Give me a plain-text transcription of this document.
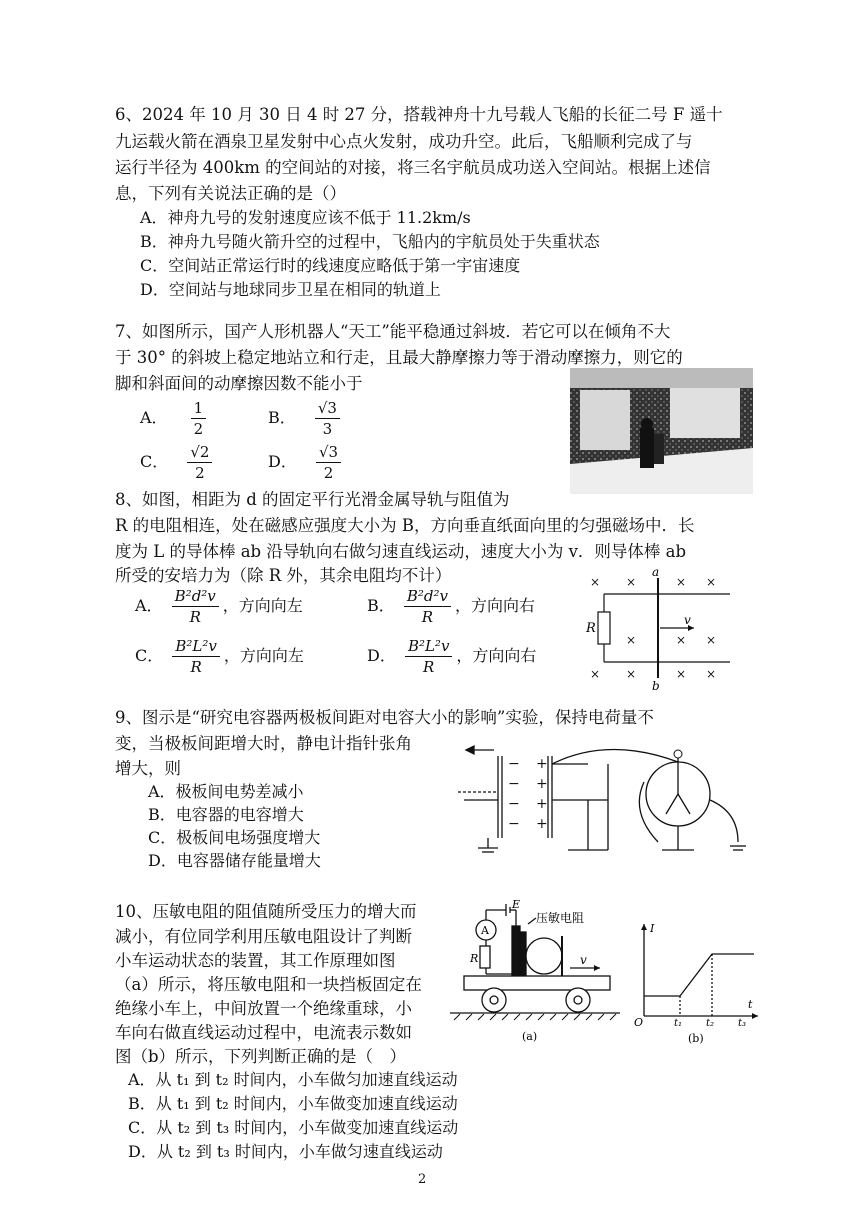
6、2024 年 10 月 30 日 4 时 27 分，搭载神舟十九号载人飞船的长征二号 F 遥十
九运载火箭在酒泉卫星发射中心点火发射，成功升空。此后，飞船顺利完成了与
运行半径为 400km 的空间站的对接，将三名宇航员成功送入空间站。根据上述信
息，下列有关说法正确的是（）
A．神舟九号的发射速度应该不低于 11.2km/s
B．神舟九号随火箭升空的过程中，飞船内的宇航员处于失重状态
C．空间站正常运行时的线速度应略低于第一宇宙速度
D．空间站与地球同步卫星在相同的轨道上
7、如图所示，国产人形机器人“天工”能平稳通过斜坡．若它可以在倾角不大
于 30° 的斜坡上稳定地站立和行走，且最大静摩擦力等于滑动摩擦力，则它的
脚和斜面间的动摩擦因数不能小于
A． $\frac{1}{2}$	B． $\frac{√3}{3}$
C． $\frac{√2}{2}$	D． $\frac{√3}{2}$
8、如图，相距为 d 的固定平行光滑金属导轨与阻值为
R 的电阻相连，处在磁感应强度大小为 B，方向垂直纸面向里的匀强磁场中．长
度为 L 的导体棒 ab 沿导轨向右做匀速直线运动，速度大小为 v．则导体棒 ab
所受的安培力为（除 R 外，其余电阻均不计）
A． $\frac{\text{B²d²v}}{R}$ ，方向向左	B． $\frac{\text{B²d²v}}{R}$ ，方向向右
C． $\frac{\text{B²L²v}}{R}$ ，方向向左	D． $\frac{\text{B²L²v}}{R}$ ，方向向右
× ×	× ×
×	× ×
× ×	× ×
R
a
b
v
9、图示是“研究电容器两极板间距对电容大小的影响”实验，保持电荷量不
变，当极板间距增大时，静电计指针张角
增大，则
A．极板间电势差减小
B．电容器的电容增大
C．极板间电场强度增大
D．电容器储存能量增大
−
−
−
−
+
+
+
+
10、压敏电阻的阻值随所受压力的增大而
减小，有位同学利用压敏电阻设计了判断
小车运动状态的装置，其工作原理如图
（a）所示，将压敏电阻和一块挡板固定在
绝缘小车上，中间放置一个绝缘重球，小
车向右做直线运动过程中，电流表示数如
图（b）所示，下列判断正确的是（　）
A．从 t₁ 到 t₂ 时间内，小车做匀加速直线运动
B．从 t₁ 到 t₂ 时间内，小车做变加速直线运动
C．从 t₂ 到 t₃ 时间内，小车做变加速直线运动
D．从 t₂ 到 t₃ 时间内，小车做匀速直线运动
A
R
E
压敏电阻
v
(a)
I
t
O	t₁ t₂ t₃
(b)
2
